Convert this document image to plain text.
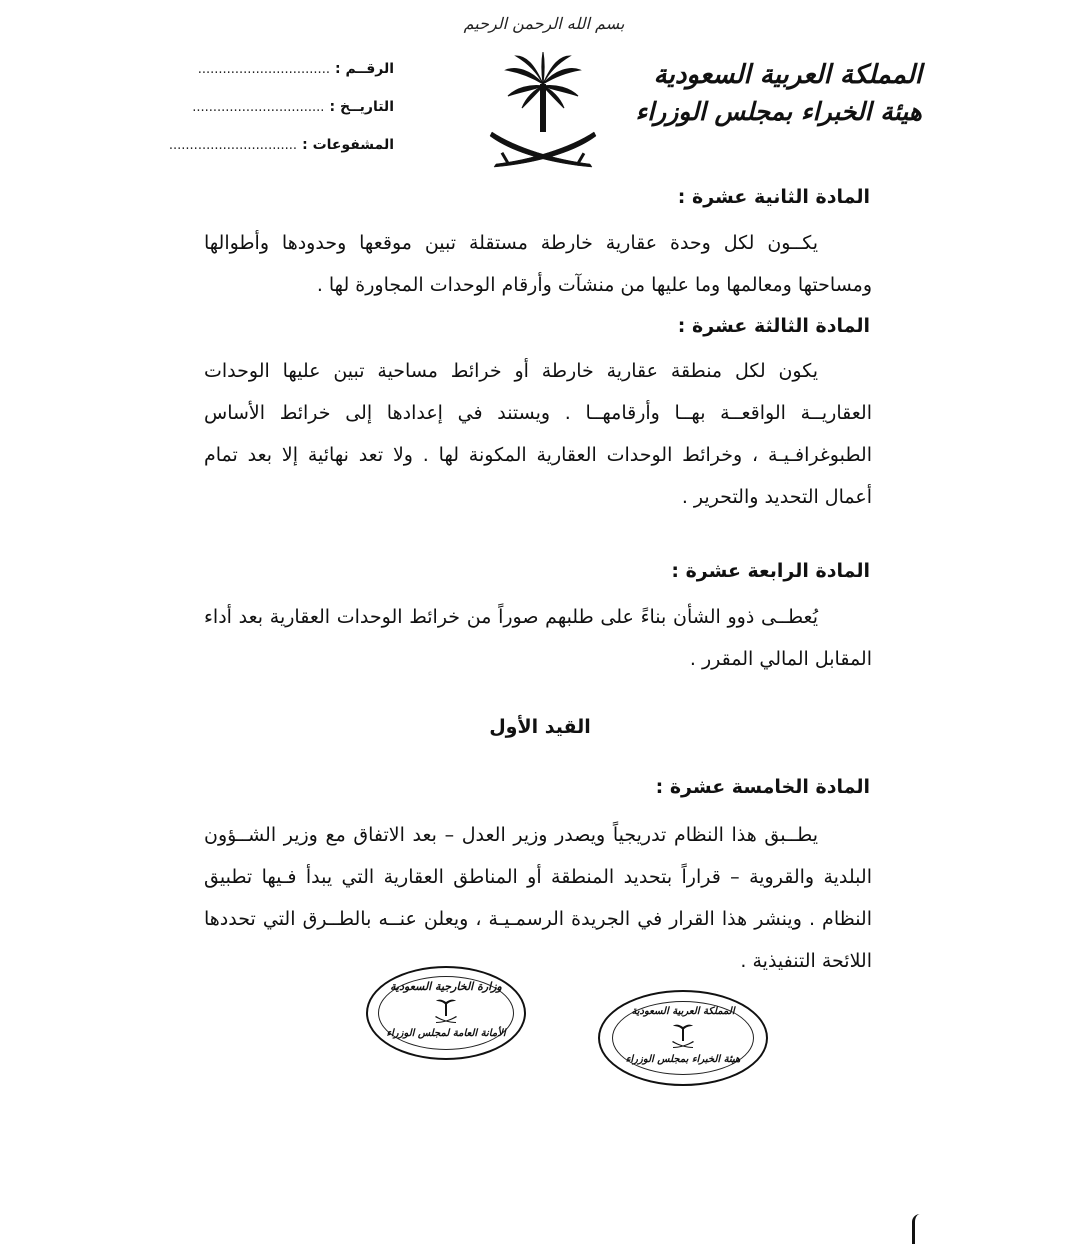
بسم الله الرحمن الرحيم
المملكة العربية السعودية
هيئة الخبراء بمجلس الوزراء
الرقــم : ................................
التاريــخ : ................................
المشفوعات : ...............................
المادة الثانية عشرة :
يكــون لكل وحدة عقارية خارطة مستقلة تبين موقعها وحدودها وأطوالها ومساحتها ومعالمها وما عليها من منشآت وأرقام الوحدات المجاورة لها .
المادة الثالثة عشرة :
يكون لكل منطقة عقارية خارطة أو خرائط مساحية تبين عليها الوحدات العقاريــة الواقعــة بهــا وأرقامهــا . ويستند في إعدادها إلى خرائط الأساس الطبوغرافـيـة ، وخرائط الوحدات العقارية المكونة لها . ولا تعد نهائية إلا بعد تمام أعمال التحديد والتحرير .
المادة الرابعة عشرة :
يُعطــى ذوو الشأن بناءً على طلبهم صوراً من خرائط الوحدات العقارية بعد أداء المقابل المالي المقرر .
القيد الأول
المادة الخامسة عشرة :
يطــبق هذا النظام تدريجياً ويصدر وزير العدل – بعد الاتفاق مع وزير الشــؤون البلدية والقروية – قراراً بتحديد المنطقة أو المناطق العقارية التي يبدأ فـيها تطبيق النظام . وينشر هذا القرار في الجريدة الرسمـيـة ، ويعلن عنــه بالطــرق التي تحددها اللائحة التنفيذية .
وزارة الخارجية السعودية
الأمانة العامة لمجلس الوزراء
المملكة العربية السعودية
هيئة الخبراء بمجلس الوزراء
